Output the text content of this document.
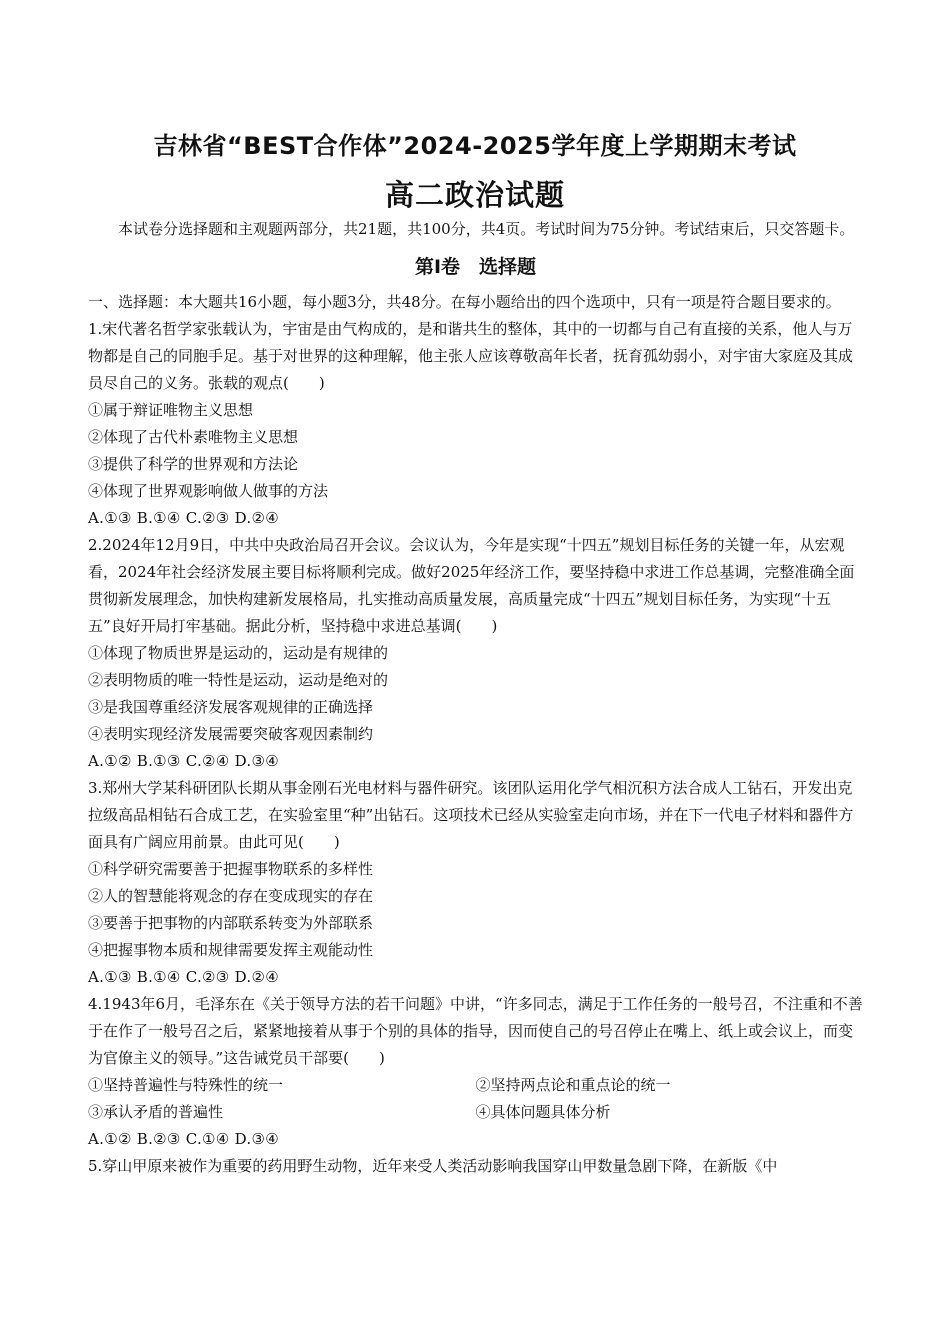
吉林省“BEST合作体”2024-2025学年度上学期期末考试
高二政治试题

本试卷分选择题和主观题两部分，共21题，共100分，共4页。考试时间为75分钟。考试结束后，只交答题卡。

第Ⅰ卷　选择题

一、选择题：本大题共16小题，每小题3分，共48分。在每小题给出的四个选项中，只有一项是符合题目要求的。

1.宋代著名哲学家张载认为，宇宙是由气构成的，是和谐共生的整体，其中的一切都与自己有直接的关系，他人与万物都是自己的同胞手足。基于对世界的这种理解，他主张人应该尊敬高年长者，抚育孤幼弱小，对宇宙大家庭及其成员尽自己的义务。张载的观点(　　)

①属于辩证唯物主义思想

②体现了古代朴素唯物主义思想

③提供了科学的世界观和方法论

④体现了世界观影响做人做事的方法

A.①③ B.①④ C.②③ D.②④

2.2024年12月9日，中共中央政治局召开会议。会议认为，今年是实现“十四五”规划目标任务的关键一年，从宏观看，2024年社会经济发展主要目标将顺利完成。做好2025年经济工作，要坚持稳中求进工作总基调，完整准确全面贯彻新发展理念，加快构建新发展格局，扎实推动高质量发展，高质量完成“十四五”规划目标任务，为实现“十五五”良好开局打牢基础。据此分析，坚持稳中求进总基调(　　)

①体现了物质世界是运动的，运动是有规律的

②表明物质的唯一特性是运动，运动是绝对的

③是我国尊重经济发展客观规律的正确选择

④表明实现经济发展需要突破客观因素制约

A.①② B.①③ C.②④ D.③④

3.郑州大学某科研团队长期从事金刚石光电材料与器件研究。该团队运用化学气相沉积方法合成人工钻石，开发出克拉级高品相钻石合成工艺，在实验室里“种”出钻石。这项技术已经从实验室走向市场，并在下一代电子材料和器件方面具有广阔应用前景。由此可见(　　)

①科学研究需要善于把握事物联系的多样性

②人的智慧能将观念的存在变成现实的存在

③要善于把事物的内部联系转变为外部联系

④把握事物本质和规律需要发挥主观能动性

A.①③ B.①④ C.②③ D.②④

4.1943年6月，毛泽东在《关于领导方法的若干问题》中讲，“许多同志，满足于工作任务的一般号召，不注重和不善于在作了一般号召之后，紧紧地接着从事于个别的具体的指导，因而使自己的号召停止在嘴上、纸上或会议上，而变为官僚主义的领导。”这告诫党员干部要(　　)

①坚持普遍性与特殊性的统一	②坚持两点论和重点论的统一
③承认矛盾的普遍性	④具体问题具体分析

A.①② B.②③ C.①④ D.③④

5.穿山甲原来被作为重要的药用野生动物，近年来受人类活动影响我国穿山甲数量急剧下降，在新版《中
